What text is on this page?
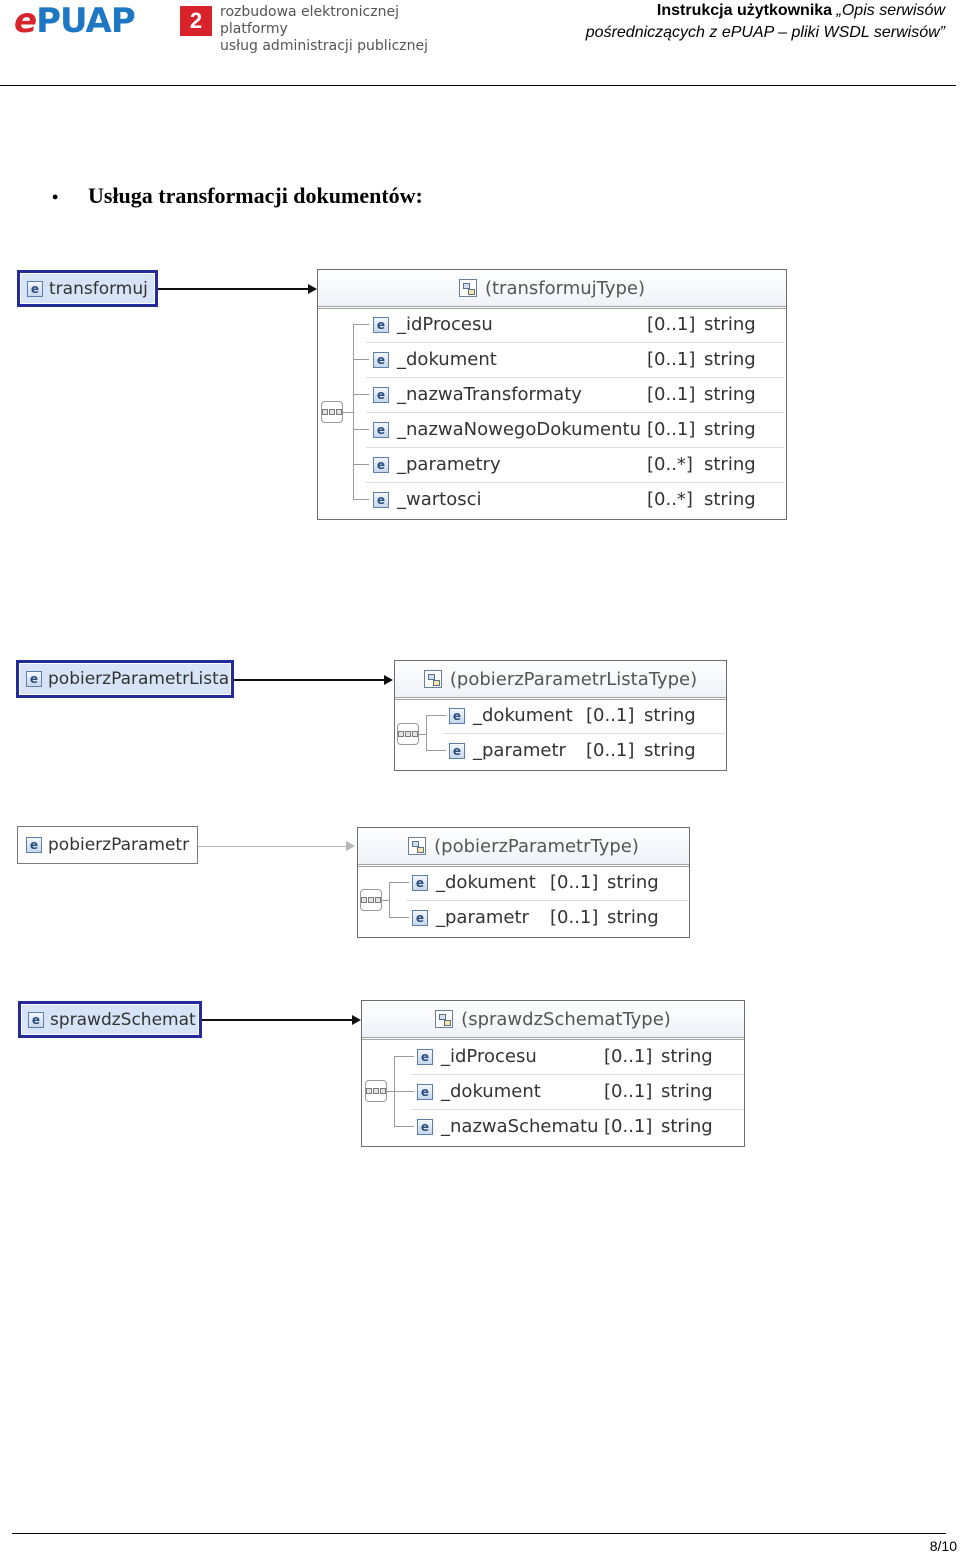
ePUAP	2	rozbudowa elektronicznej platformy
usług administracji publicznej
Instrukcja użytkownika „Opis serwisów
pośredniczących z ePUAP – pliki WSDL serwisów”
• Usługa transformacji dokumentów:
e transformuj	(transformujType)
e _idProcesu	[0..1] string
e _dokument	[0..1] string
e _nazwaTransformaty	[0..1] string
e _nazwaNowegoDokumentu [0..1] string
e _parametry	[0..*] string
e _wartosci	[0..*] string
e pobierzParametrLista	(pobierzParametrListaType)
e _dokument [0..1] string
e _parametr [0..1] string
e pobierzParametr	(pobierzParametrType)
e _dokument [0..1] string
e _parametr [0..1] string
e sprawdzSchemat	(sprawdzSchematType)
e _idProcesu	[0..1] string
e _dokument	[0..1] string
e _nazwaSchematu [0..1] string
8/10
